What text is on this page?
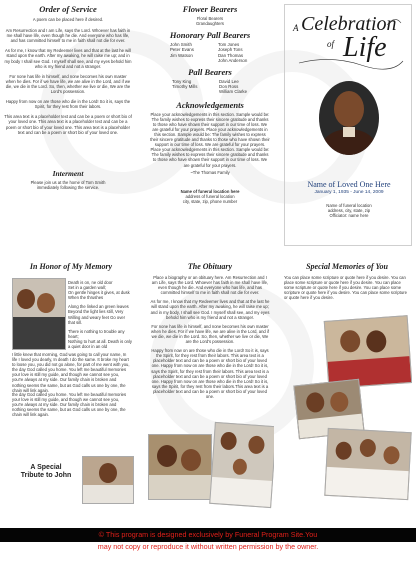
Order of Service

A poem can be placed here if desired.

Am Resurrection and I am Life, says the Lord. Whoever has faith in me shall have life, even though he die. And everyone who has life, and has committed himself to me in faith shall not die for ever.

As for me, I know that my Redeemer lives and that at the last he will stand upon the earth. After my awaking, he will raise me up; and in my body I shall see God. I myself shall see, and my eyes behold him who is my friend and not a stranger.

For none has life in himself, and none becomes his own master when he dies. For if we have life, we are alive in the Lord, and if we die, we die in the Lord. So, then, whether we live or die, We are the Lord's possession.

Happy from now on are those who die in the Lord! So it is, says the Spirit, for they rest from their labors.

This area text is a placeholder text and can be a poem or short bio of your loved one. This area text is a placeholder text and can be a poem or short bio of your loved one. This area text is a placeholder text and can be a poem or short bio of your loved one.

Interment

Please join us at the home of Tom Smith immediately following the service.

Flower Bearers

Floral Bearers

Grandaughters

Honorary Pall Bearers

John Smith	Tom Jones
Peter Evans	Joseph Tons
Jim Watson	Dan Thomas
John Anderson

Pall Bearers

Tony King	David Lee
Timothy Mills	Don Ross
William Clarke

Acknowledgements

Place your acknowledgements in this section. Sample would be: The family wishes to express their sincere gratitude and thanks to those who have shown their support in our time of loss. We are grateful for your prayers. Place your acknowledgements in this section. Sample would be: The family wishes to express their sincere gratitude and thanks to those who have shown their support in our time of loss. We are grateful for your prayers. Place your acknowledgements in this section. Sample would be: The family wishes to express their sincere gratitude and thanks to those who have shown their support in our time of loss. We are grateful for your prayers.

~The Thomas Family

Name of funeral location here

address of funeral location

city, state, zip, phone number

A Celebration
of Life

Name of Loved One Here

January 1, 1935 - June 14, 2009

Name of funeral location

address, city, state, zip

Officiator: name here

In Honor of My Memory

Death is on, ne old door

Set in a garden wall;

On gentle hinges it gives, at dusk

When the thrushes

Along the linked an green leaves

Beyond the light lies still, Very

Willing and weary feet Go over that sill.

There is nothing to trouble any heart;

Nothing to hurt at all. Death is only a quiet door in an old

I little knew that morning, God was going to call your name, In life I loved you dearly, In death I do the same. It broke my heart to loose you, you did not go alone, for part of me went with you, the day God called you home. You left me beautiful memories your love is still my guide, and though we cannot see you, you're always at my side. Our family chain is broken and nothing seems the same, but as God calls us one by one, the chain will link again.

the day God called you home. You left me beautiful memories your love is still my guide, and though we cannot see you, you're always at my side. Our family chain is broken and nothing seems the same, but as God calls us one by one, the chain will link again.

A Special
Tribute to John

The Obituary

Place a biography or an obituary here. Am Resurrection and I am Life, says the Lord. Whoever has faith in me shall have life, even though he die. And everyone who has life, and has committed himself to me in faith shall not die for ever.

As for me, I know that my Redeemer lives and that at the last he will stand upon the earth. After my awaking, he will raise me up; and in my body, I shall see God. I myself shall see, and my eyes behold him who is my friend and not a stranger.

For none has life in himself, and none becomes his own master when he dies. For if we have life, we are alive in the Lord, and if we die, we die in the Lord. So, then, whether we live or die, We are the Lord's possession.

Happy from now on are those who die in the Lord! So it is, says the Spirit, for they rest from their labors. This area text is a placeholder text and can be a poem or short bio of your loved one. Happy from now on are those who die in the Lord! So it is, says the Spirit, for they rest from their labors. This area text is a placeholder text and can be a poem or short bio of your loved one. Happy from now on are those who die in the Lord! So it is, says the Spirit, for they rest from their labors.This area text is a placeholder text and can be a poem or short bio of your loved one.

Special Memories of You

You can place some scripture or quote here if you desire. You can place some scripture or quote here if you desire. You can place some scripture or quote here if you desire. You can place some scripture or quote here if you desire. You can place some scripture or quote here if you desire.

© This program is designed exclusively by Funeral Program Site.You

may not copy or reproduce it without written permission by the owner.
